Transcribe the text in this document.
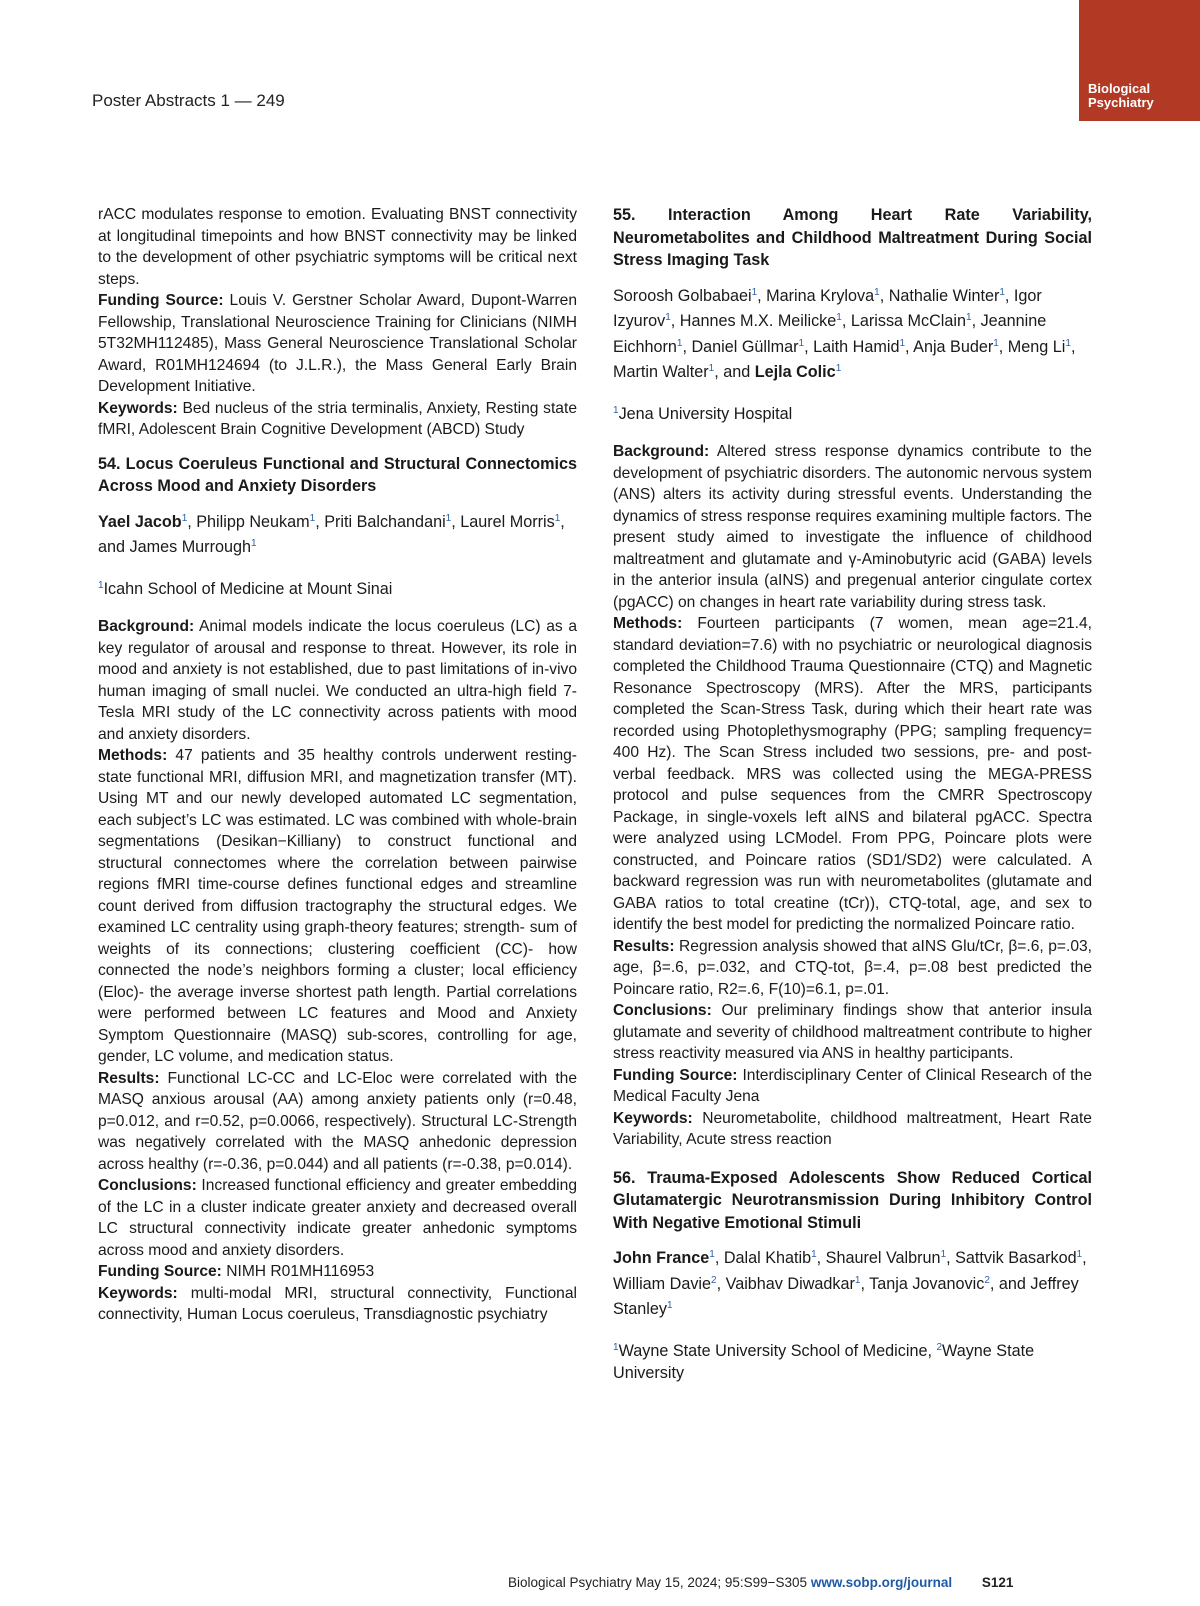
Poster Abstracts 1 — 249
Biological
Psychiatry

rACC modulates response to emotion. Evaluating BNST connectivity at longitudinal timepoints and how BNST connectivity may be linked to the development of other psychiatric symptoms will be critical next steps.

Funding Source: Louis V. Gerstner Scholar Award, Dupont-Warren Fellowship, Translational Neuroscience Training for Clinicians (NIMH 5T32MH112485), Mass General Neuroscience Translational Scholar Award, R01MH124694 (to J.L.R.), the Mass General Early Brain Development Initiative.

Keywords: Bed nucleus of the stria terminalis, Anxiety, Resting state fMRI, Adolescent Brain Cognitive Development (ABCD) Study

54. Locus Coeruleus Functional and Structural Connectomics Across Mood and Anxiety Disorders

Yael Jacob$^1$, Philipp Neukam$^1$, Priti Balchandani$^1$, Laurel Morris$^1$, and James Murrough$^1$

$^1$Icahn School of Medicine at Mount Sinai

Background: Animal models indicate the locus coeruleus (LC) as a key regulator of arousal and response to threat. However, its role in mood and anxiety is not established, due to past limitations of in-vivo human imaging of small nuclei. We conducted an ultra-high field 7-Tesla MRI study of the LC connectivity across patients with mood and anxiety disorders.

Methods: 47 patients and 35 healthy controls underwent resting-state functional MRI, diffusion MRI, and magnetization transfer (MT). Using MT and our newly developed automated LC segmentation, each subject’s LC was estimated. LC was combined with whole-brain segmentations (Desikan−Killiany) to construct functional and structural connectomes where the correlation between pairwise regions fMRI time-course defines functional edges and streamline count derived from diffusion tractography the structural edges. We examined LC centrality using graph-theory features; strength- sum of weights of its connections; clustering coefficient (CC)- how connected the node’s neighbors forming a cluster; local efficiency (Eloc)- the average inverse shortest path length. Partial correlations were performed between LC features and Mood and Anxiety Symptom Questionnaire (MASQ) sub-scores, controlling for age, gender, LC volume, and medication status.

Results: Functional LC-CC and LC-Eloc were correlated with the MASQ anxious arousal (AA) among anxiety patients only (r=0.48, p=0.012, and r=0.52, p=0.0066, respectively). Structural LC-Strength was negatively correlated with the MASQ anhedonic depression across healthy (r=-0.36, p=0.044) and all patients (r=-0.38, p=0.014).

Conclusions: Increased functional efficiency and greater embedding of the LC in a cluster indicate greater anxiety and decreased overall LC structural connectivity indicate greater anhedonic symptoms across mood and anxiety disorders.

Funding Source: NIMH R01MH116953

Keywords: multi-modal MRI, structural connectivity, Functional connectivity, Human Locus coeruleus, Transdiagnostic psychiatry

55. Interaction Among Heart Rate Variability, Neurometabolites and Childhood Maltreatment During Social Stress Imaging Task

Soroosh Golbabaei$^1$, Marina Krylova$^1$, Nathalie Winter$^1$, Igor Izyurov$^1$, Hannes M.X. Meilicke$^1$, Larissa McClain$^1$, Jeannine Eichhorn$^1$, Daniel Güllmar$^1$, Laith Hamid$^1$, Anja Buder$^1$, Meng Li$^1$, Martin Walter$^1$, and Lejla Colic$^1$

$^1$Jena University Hospital

Background: Altered stress response dynamics contribute to the development of psychiatric disorders. The autonomic nervous system (ANS) alters its activity during stressful events. Understanding the dynamics of stress response requires examining multiple factors. The present study aimed to investigate the influence of childhood maltreatment and glutamate and γ-Aminobutyric acid (GABA) levels in the anterior insula (aINS) and pregenual anterior cingulate cortex (pgACC) on changes in heart rate variability during stress task.

Methods: Fourteen participants (7 women, mean age=21.4, standard deviation=7.6) with no psychiatric or neurological diagnosis completed the Childhood Trauma Questionnaire (CTQ) and Magnetic Resonance Spectroscopy (MRS). After the MRS, participants completed the Scan-Stress Task, during which their heart rate was recorded using Photoplethysmography (PPG; sampling frequency= 400 Hz). The Scan Stress included two sessions, pre- and post-verbal feedback. MRS was collected using the MEGA-PRESS protocol and pulse sequences from the CMRR Spectroscopy Package, in single-voxels left aINS and bilateral pgACC. Spectra were analyzed using LCModel. From PPG, Poincare plots were constructed, and Poincare ratios (SD1/SD2) were calculated. A backward regression was run with neurometabolites (glutamate and GABA ratios to total creatine (tCr)), CTQ-total, age, and sex to identify the best model for predicting the normalized Poincare ratio.

Results: Regression analysis showed that aINS Glu/tCr, β=.6, p=.03, age, β=.6, p=.032, and CTQ-tot, β=.4, p=.08 best predicted the Poincare ratio, R2=.6, F(10)=6.1, p=.01.

Conclusions: Our preliminary findings show that anterior insula glutamate and severity of childhood maltreatment contribute to higher stress reactivity measured via ANS in healthy participants.

Funding Source: Interdisciplinary Center of Clinical Research of the Medical Faculty Jena

Keywords: Neurometabolite, childhood maltreatment, Heart Rate Variability, Acute stress reaction

56. Trauma-Exposed Adolescents Show Reduced Cortical Glutamatergic Neurotransmission During Inhibitory Control With Negative Emotional Stimuli

John France$^1$, Dalal Khatib$^1$, Shaurel Valbrun$^1$, Sattvik Basarkod$^1$, William Davie$^2$, Vaibhav Diwadkar$^1$, Tanja Jovanovic$^2$, and Jeffrey Stanley$^1$

$^1$Wayne State University School of Medicine, $^2$Wayne State University

Biological Psychiatry May 15, 2024; 95:S99−S305 www.sobp.org/journal S121
